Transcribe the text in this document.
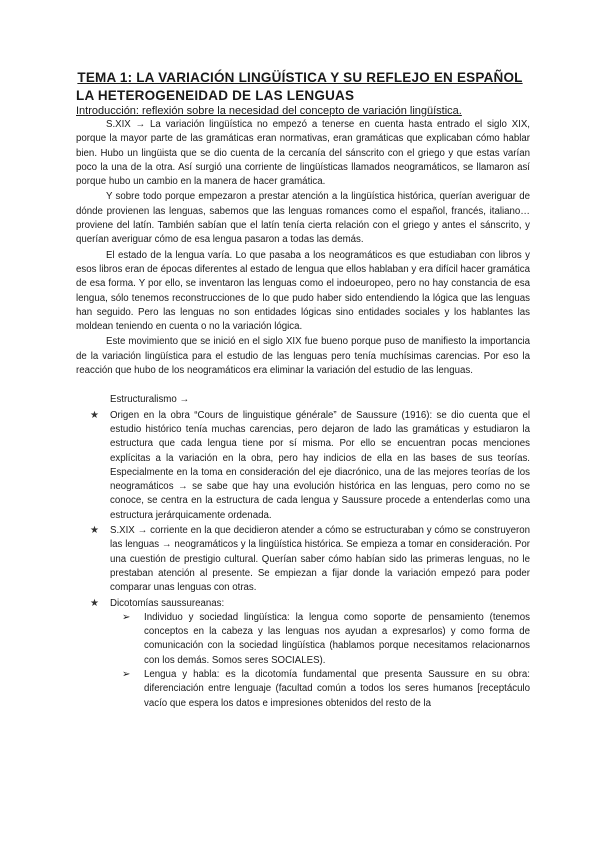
TEMA 1: LA VARIACIÓN LINGÜÍSTICA Y SU REFLEJO EN ESPAÑOL
LA HETEROGENEIDAD DE LAS LENGUAS
Introducción: reflexión sobre la necesidad del concepto de variación lingüística.

S.XIX → La variación lingüística no empezó a tenerse en cuenta hasta entrado el siglo XIX, porque la mayor parte de las gramáticas eran normativas, eran gramáticas que explicaban cómo hablar bien. Hubo un lingüista que se dio cuenta de la cercanía del sánscrito con el griego y que estas varían poco la una de la otra. Así surgió una corriente de lingüísticas llamados neogramáticos, se llamaron así porque hubo un cambio en la manera de hacer gramática.

Y sobre todo porque empezaron a prestar atención a la lingüística histórica, querían averiguar de dónde provienen las lenguas, sabemos que las lenguas romances como el español, francés, italiano… proviene del latín. También sabían que el latín tenía cierta relación con el griego y antes el sánscrito, y querían averiguar cómo de esa lengua pasaron a todas las demás.

El estado de la lengua varía. Lo que pasaba a los neogramáticos es que estudiaban con libros y esos libros eran de épocas diferentes al estado de lengua que ellos hablaban y era difícil hacer gramática de esa forma. Y por ello, se inventaron las lenguas como el indoeuropeo, pero no hay constancia de esa lengua, sólo tenemos reconstrucciones de lo que pudo haber sido entendiendo la lógica que las lenguas han seguido. Pero las lenguas no son entidades lógicas sino entidades sociales y los hablantes las moldean teniendo en cuenta o no la variación lógica.

Este movimiento que se inició en el siglo XIX fue bueno porque puso de manifiesto la importancia de la variación lingüística para el estudio de las lenguas pero tenía muchísimas carencias. Por eso la reacción que hubo de los neogramáticos era eliminar la variación del estudio de las lenguas.

Estructuralismo →
★ Origen en la obra “Cours de linguistique générale” de Saussure (1916): se dio cuenta que el estudio histórico tenía muchas carencias, pero dejaron de lado las gramáticas y estudiaron la estructura que cada lengua tiene por sí misma. Por ello se encuentran pocas menciones explícitas a la variación en la obra, pero hay indicios de ella en las bases de sus teorías. Especialmente en la toma en consideración del eje diacrónico, una de las mejores teorías de los neogramáticos → se sabe que hay una evolución histórica en las lenguas, pero como no se conoce, se centra en la estructura de cada lengua y Saussure procede a entenderlas como una estructura jerárquicamente ordenada.
★ S.XIX → corriente en la que decidieron atender a cómo se estructuraban y cómo se construyeron las lenguas → neogramáticos y la lingüística histórica. Se empieza a tomar en consideración. Por una cuestión de prestigio cultural. Querían saber cómo habían sido las primeras lenguas, no le prestaban atención al presente. Se empiezan a fijar donde la variación empezó para poder comparar unas lenguas con otras.
★ Dicotomías saussureanas:
➢ Individuo y sociedad lingüística: la lengua como soporte de pensamiento (tenemos conceptos en la cabeza y las lenguas nos ayudan a expresarlos) y como forma de comunicación con la sociedad lingüística (hablamos porque necesitamos relacionarnos con los demás. Somos seres SOCIALES).
➢ Lengua y habla: es la dicotomía fundamental que presenta Saussure en su obra: diferenciación entre lenguaje (facultad común a todos los seres humanos [receptáculo vacío que espera los datos e impresiones obtenidos del resto de la
